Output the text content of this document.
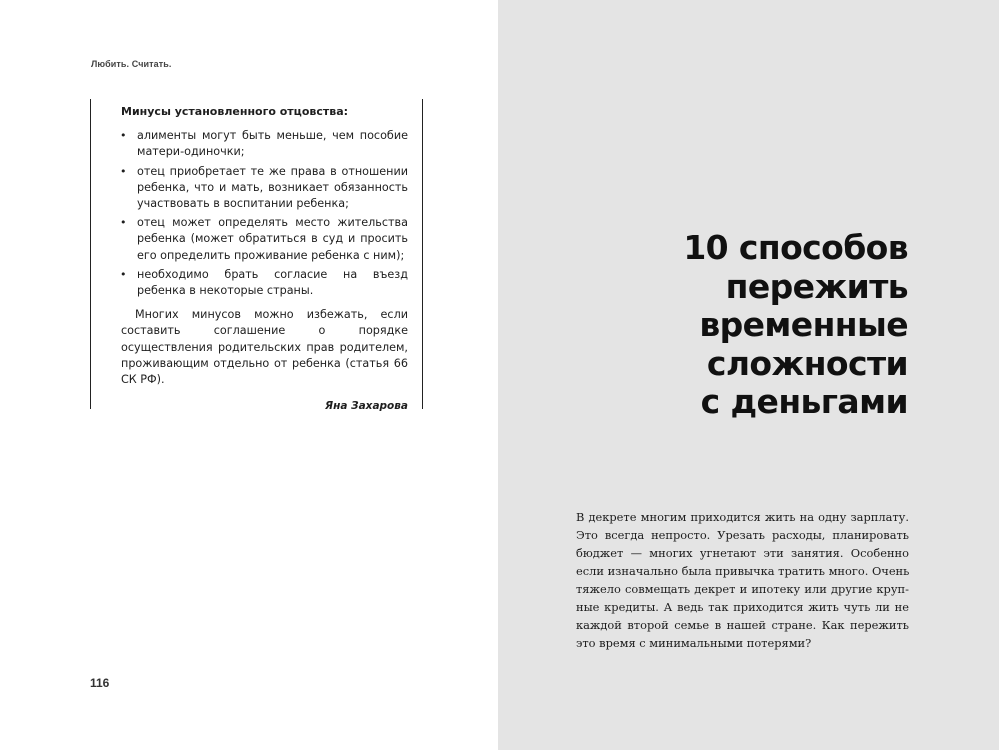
Любить. Считать.
Минусы установленного отцовства:
• алименты могут быть меньше, чем пособие матери-одиночки;
• отец приобретает те же права в отношении ребенка, что и мать, возникает обязанность участвовать в воспитании ребенка;
• отец может определять место жительства ребенка (может обратиться в суд и просить его определить проживание ребенка с ним);
• необходимо брать согласие на въезд ребенка в некоторые страны.

Многих минусов можно избежать, если составить соглашение о порядке осуществления родительских прав родителем, проживающим отдельно от ребенка (статья 66 СК РФ).

Яна Захарова
116
10 способов
пережить
временные
сложности
с деньгами

В декрете многим приходится жить на одну зарплату.
Это всегда непросто. Урезать расходы, планировать
бюджет — многих угнетают эти занятия. Особенно
если изначально была привычка тратить много. Очень
тяжело совмещать декрет и ипотеку или другие круп-
ные кредиты. А ведь так приходится жить чуть ли не
каждой второй семье в нашей стране. Как пережить
это время с минимальными потерями?
